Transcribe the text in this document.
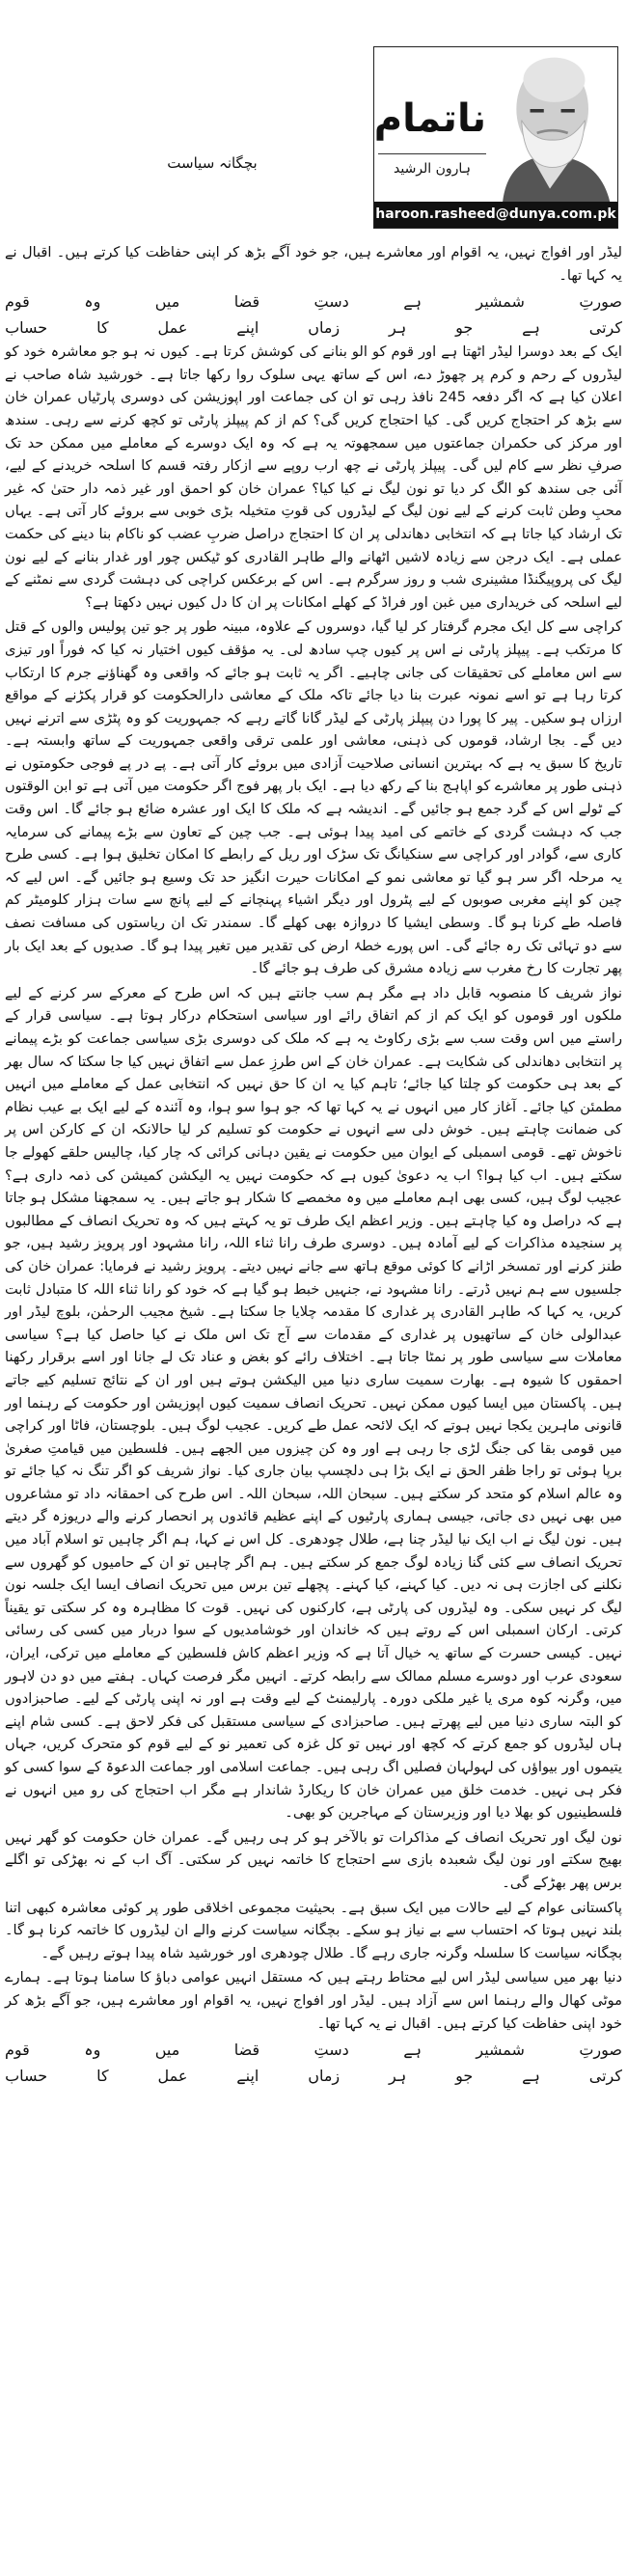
ناتمام
ہارون الرشید
haroon.rasheed@dunya.com.pk
بچگانہ سیاست

لیڈر اور افواج نہیں، یہ اقوام اور معاشرے ہیں، جو خود آگے بڑھ کر اپنی حفاظت کیا کرتے ہیں۔ اقبال نے یہ کہا تھا۔

صورتِ
شمشیر
ہے
دستِ
قضا
میں
وہ
قوم
کرتی
ہے
جو
ہر
زماں
اپنے
عمل
کا
حساب

ایک کے بعد دوسرا لیڈر اٹھتا ہے اور قوم کو الو بنانے کی کوشش کرتا ہے۔ کیوں نہ ہو جو معاشرہ خود کو لیڈروں کے رحم و کرم پر چھوڑ دے، اس کے ساتھ یہی سلوک روا رکھا جاتا ہے۔ خورشید شاہ صاحب نے اعلان کیا ہے کہ اگر دفعہ 245 نافذ رہی تو ان کی جماعت اور اپوزیشن کی دوسری پارٹیاں عمران خان سے بڑھ کر احتجاج کریں گی۔ کیا احتجاج کریں گی؟ کم از کم پیپلز پارٹی تو کچھ کرنے سے رہی۔ سندھ اور مرکز کی حکمران جماعتوں میں سمجھوتہ یہ ہے کہ وہ ایک دوسرے کے معاملے میں ممکن حد تک صرفِ نظر سے کام لیں گی۔ پیپلز پارٹی نے چھ ارب روپے سے ازکار رفتہ قسم کا اسلحہ خریدنے کے لیے، آئی جی سندھ کو الگ کر دیا تو نون لیگ نے کیا کیا؟ عمران خان کو احمق اور غیر ذمہ دار حتیٰ کہ غیر محبِ وطن ثابت کرنے کے لیے نون لیگ کے لیڈروں کی قوتِ متخیلہ بڑی خوبی سے بروئے کار آتی ہے۔ یہاں تک ارشاد کیا جاتا ہے کہ انتخابی دھاندلی پر ان کا احتجاج دراصل ضربِ عضب کو ناکام بنا دینے کی حکمت عملی ہے۔ ایک درجن سے زیادہ لاشیں اٹھانے والے طاہر القادری کو ٹیکس چور اور غدار بنانے کے لیے نون لیگ کی پروپیگنڈا مشینری شب و روز سرگرم ہے۔ اس کے برعکس کراچی کی دہشت گردی سے نمٹنے کے لیے اسلحہ کی خریداری میں غبن اور فراڈ کے کھلے امکانات پر ان کا دل کیوں نہیں دکھتا ہے؟

کراچی سے کل ایک مجرم گرفتار کر لیا گیا، دوسروں کے علاوہ، مبینہ طور پر جو تین پولیس والوں کے قتل کا مرتکب ہے۔ پیپلز پارٹی نے اس پر کیوں چپ سادھ لی۔ یہ مؤقف کیوں اختیار نہ کیا کہ فوراً اور تیزی سے اس معاملے کی تحقیقات کی جانی چاہیے۔ اگر یہ ثابت ہو جائے کہ واقعی وہ گھناؤنے جرم کا ارتکاب کرتا رہا ہے تو اسے نمونہ عبرت بنا دیا جائے تاکہ ملک کے معاشی دارالحکومت کو قرار پکڑنے کے مواقع ارزاں ہو سکیں۔ پیر کا پورا دن پیپلز پارٹی کے لیڈر گانا گاتے رہے کہ جمہوریت کو وہ پٹڑی سے اترنے نہیں دیں گے۔ بجا ارشاد، قوموں کی ذہنی، معاشی اور علمی ترقی واقعی جمہوریت کے ساتھ وابستہ ہے۔ تاریخ کا سبق یہ ہے کہ بہترین انسانی صلاحیت آزادی میں بروئے کار آتی ہے۔ پے در پے فوجی حکومتوں نے ذہنی طور پر معاشرے کو اپاہج بنا کے رکھ دیا ہے۔ ایک بار پھر فوج اگر حکومت میں آتی ہے تو ابن الوقتوں کے ٹولے اس کے گرد جمع ہو جائیں گے۔ اندیشہ ہے کہ ملک کا ایک اور عشرہ ضائع ہو جائے گا۔ اس وقت جب کہ دہشت گردی کے خاتمے کی امید پیدا ہوئی ہے۔ جب چین کے تعاون سے بڑے پیمانے کی سرمایہ کاری سے، گوادر اور کراچی سے سنکیانگ تک سڑک اور ریل کے رابطے کا امکان تخلیق ہوا ہے۔ کسی طرح یہ مرحلہ اگر سر ہو گیا تو معاشی نمو کے امکانات حیرت انگیز حد تک وسیع ہو جائیں گے۔ اس لیے کہ چین کو اپنے مغربی صوبوں کے لیے پٹرول اور دیگر اشیاء پہنچانے کے لیے پانچ سے سات ہزار کلومیٹر کم فاصلہ طے کرنا ہو گا۔ وسطی ایشیا کا دروازہ بھی کھلے گا۔ سمندر تک ان ریاستوں کی مسافت نصف سے دو تہائی تک رہ جائے گی۔ اس پورے خطۂ ارض کی تقدیر میں تغیر پیدا ہو گا۔ صدیوں کے بعد ایک بار پھر تجارت کا رخ مغرب سے زیادہ مشرق کی طرف ہو جائے گا۔

نواز شریف کا منصوبہ قابل داد ہے مگر ہم سب جانتے ہیں کہ اس طرح کے معرکے سر کرنے کے لیے ملکوں اور قوموں کو ایک کم از کم اتفاق رائے اور سیاسی استحکام درکار ہوتا ہے۔ سیاسی قرار کے راستے میں اس وقت سب سے بڑی رکاوٹ یہ ہے کہ ملک کی دوسری بڑی سیاسی جماعت کو بڑے پیمانے پر انتخابی دھاندلی کی شکایت ہے۔ عمران خان کے اس طرزِ عمل سے اتفاق نہیں کیا جا سکتا کہ سال بھر کے بعد ہی حکومت کو چلتا کیا جائے؛ تاہم کیا یہ ان کا حق نہیں کہ انتخابی عمل کے معاملے میں انہیں مطمئن کیا جائے۔ آغاز کار میں انہوں نے یہ کہا تھا کہ جو ہوا سو ہوا، وہ آئندہ کے لیے ایک بے عیب نظام کی ضمانت چاہتے ہیں۔ خوش دلی سے انہوں نے حکومت کو تسلیم کر لیا حالانکہ ان کے کارکن اس پر ناخوش تھے۔ قومی اسمبلی کے ایوان میں حکومت نے یقین دہانی کرائی کہ چار کیا، چالیس حلقے کھولے جا سکتے ہیں۔ اب کیا ہوا؟ اب یہ دعویٰ کیوں ہے کہ حکومت نہیں یہ الیکشن کمیشن کی ذمہ داری ہے؟ عجیب لوگ ہیں، کسی بھی اہم معاملے میں وہ مخمصے کا شکار ہو جاتے ہیں۔ یہ سمجھنا مشکل ہو جاتا ہے کہ دراصل وہ کیا چاہتے ہیں۔ وزیر اعظم ایک طرف تو یہ کہتے ہیں کہ وہ تحریک انصاف کے مطالبوں پر سنجیدہ مذاکرات کے لیے آمادہ ہیں۔ دوسری طرف رانا ثناء اللہ، رانا مشہود اور پرویز رشید ہیں، جو طنز کرنے اور تمسخر اڑانے کا کوئی موقع ہاتھ سے جانے نہیں دیتے۔ پرویز رشید نے فرمایا: عمران خان کی جلسیوں سے ہم نہیں ڈرتے۔ رانا مشہود نے، جنہیں خبط ہو گیا ہے کہ خود کو رانا ثناء اللہ کا متبادل ثابت کریں، یہ کہا کہ طاہر القادری پر غداری کا مقدمہ چلایا جا سکتا ہے۔ شیخ مجیب الرحمٰن، بلوچ لیڈر اور عبدالولی خان کے ساتھیوں پر غداری کے مقدمات سے آج تک اس ملک نے کیا حاصل کیا ہے؟ سیاسی معاملات سے سیاسی طور پر نمٹا جاتا ہے۔ اختلاف رائے کو بغض و عناد تک لے جانا اور اسے برقرار رکھنا احمقوں کا شیوہ ہے۔ بھارت سمیت ساری دنیا میں الیکشن ہوتے ہیں اور ان کے نتائج تسلیم کیے جاتے ہیں۔ پاکستان میں ایسا کیوں ممکن نہیں۔ تحریک انصاف سمیت کیوں اپوزیشن اور حکومت کے رہنما اور قانونی ماہرین یکجا نہیں ہوتے کہ ایک لائحہ عمل طے کریں۔ عجیب لوگ ہیں۔ بلوچستان، فاٹا اور کراچی میں قومی بقا کی جنگ لڑی جا رہی ہے اور وہ کن چیزوں میں الجھے ہیں۔ فلسطین میں قیامتِ صغریٰ برپا ہوئی تو راجا ظفر الحق نے ایک بڑا ہی دلچسپ بیان جاری کیا۔ نواز شریف کو اگر تنگ نہ کیا جائے تو وہ عالم اسلام کو متحد کر سکتے ہیں۔ سبحان اللہ، سبحان اللہ۔ اس طرح کی احمقانہ داد تو مشاعروں میں بھی نہیں دی جاتی، جیسی ہماری پارٹیوں کے اپنے عظیم قائدوں پر انحصار کرنے والے دریوزہ گر دیتے ہیں۔ نون لیگ نے اب ایک نیا لیڈر چنا ہے، طلال چودھری۔ کل اس نے کہا، ہم اگر چاہیں تو اسلام آباد میں تحریک انصاف سے کئی گنا زیادہ لوگ جمع کر سکتے ہیں۔ ہم اگر چاہیں تو ان کے حامیوں کو گھروں سے نکلنے کی اجازت ہی نہ دیں۔ کیا کہنے، کیا کہنے۔ پچھلے تین برس میں تحریک انصاف ایسا ایک جلسہ نون لیگ کر نہیں سکی۔ وہ لیڈروں کی پارٹی ہے، کارکنوں کی نہیں۔ قوت کا مظاہرہ وہ کر سکتی تو یقیناً کرتی۔ ارکان اسمبلی اس کے روتے ہیں کہ خاندان اور خوشامدیوں کے سوا دربار میں کسی کی رسائی نہیں۔ کیسی حسرت کے ساتھ یہ خیال آتا ہے کہ وزیر اعظم کاش فلسطین کے معاملے میں ترکی، ایران، سعودی عرب اور دوسرے مسلم ممالک سے رابطہ کرتے۔ انہیں مگر فرصت کہاں۔ ہفتے میں دو دن لاہور میں، وگرنہ کوہ مری یا غیر ملکی دورہ۔ پارلیمنٹ کے لیے وقت ہے اور نہ اپنی پارٹی کے لیے۔ صاحبزادوں کو البتہ ساری دنیا میں لیے پھرتے ہیں۔ صاحبزادی کے سیاسی مستقبل کی فکر لاحق ہے۔ کسی شام اپنے ہاں لیڈروں کو جمع کرتے کہ کچھ اور نہیں تو کل غزہ کی تعمیر نو کے لیے قوم کو متحرک کریں، جہاں یتیموں اور بیواؤں کی لہولہان فصلیں اگ رہی ہیں۔ جماعت اسلامی اور جماعت الدعوۃ کے سوا کسی کو فکر ہی نہیں۔ خدمت خلق میں عمران خان کا ریکارڈ شاندار ہے مگر اب احتجاج کی رو میں انہوں نے فلسطینیوں کو بھلا دیا اور وزیرستان کے مہاجرین کو بھی۔

نون لیگ اور تحریک انصاف کے مذاکرات تو بالآخر ہو کر ہی رہیں گے۔ عمران خان حکومت کو گھر نہیں بھیج سکتے اور نون لیگ شعبدہ بازی سے احتجاج کا خاتمہ نہیں کر سکتی۔ آگ اب کے نہ بھڑکی تو اگلے برس پھر بھڑکے گی۔

پاکستانی عوام کے لیے حالات میں ایک سبق ہے۔ بحیثیت مجموعی اخلاقی طور پر کوئی معاشرہ کبھی اتنا بلند نہیں ہوتا کہ احتساب سے بے نیاز ہو سکے۔ بچگانہ سیاست کرنے والے ان لیڈروں کا خاتمہ کرنا ہو گا۔ بچگانہ سیاست کا سلسلہ وگرنہ جاری رہے گا۔ طلال چودھری اور خورشید شاہ پیدا ہوتے رہیں گے۔

دنیا بھر میں سیاسی لیڈر اس لیے محتاط رہتے ہیں کہ مستقل انہیں عوامی دباؤ کا سامنا ہوتا ہے۔ ہمارے موٹی کھال والے رہنما اس سے آزاد ہیں۔ لیڈر اور افواج نہیں، یہ اقوام اور معاشرے ہیں، جو آگے بڑھ کر خود اپنی حفاظت کیا کرتے ہیں۔ اقبال نے یہ کہا تھا۔

صورتِ
شمشیر
ہے
دستِ
قضا
میں
وہ
قوم
کرتی
ہے
جو
ہر
زماں
اپنے
عمل
کا
حساب
